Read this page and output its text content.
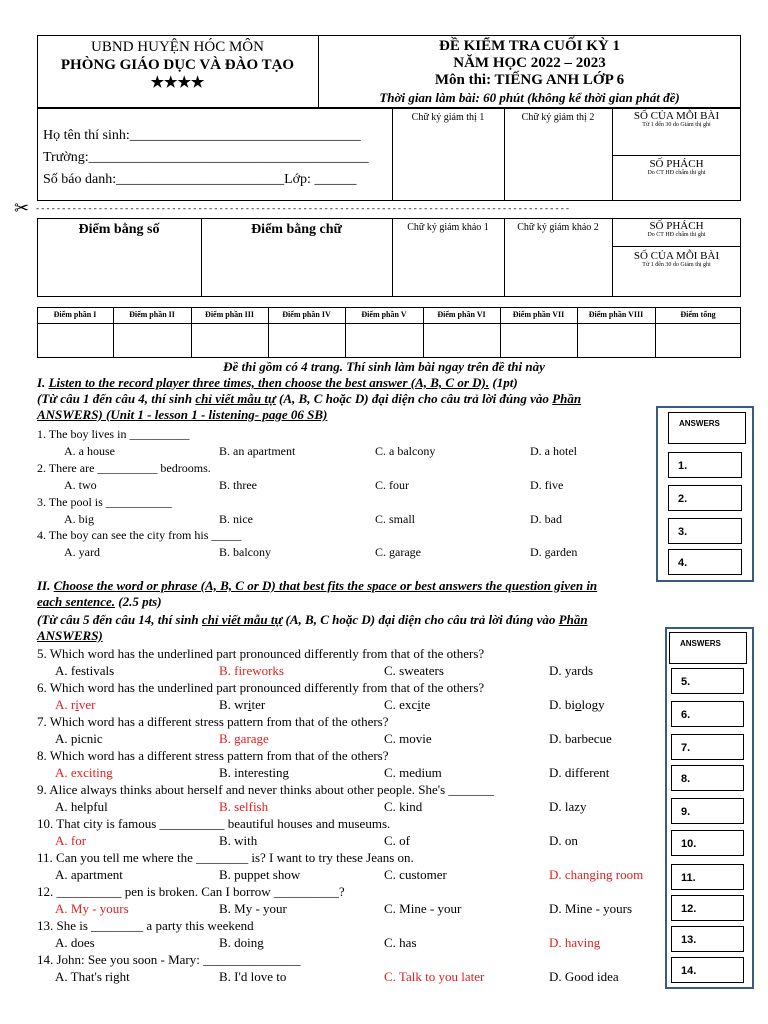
UBND HUYỆN HÓC MÔN
PHÒNG GIÁO DỤC VÀ ĐÀO TẠO
★★★★
ĐỀ KIỂM TRA CUỐI KỲ 1
NĂM HỌC 2022 – 2023
Môn thi: TIẾNG ANH LỚP 6
Thời gian làm bài: 60 phút (không kể thời gian phát đề)
Họ tên thí sinh:_________________________________
Trường:________________________________________
Số báo danh:________________________Lớp: ______
Chữ ký giám thị 1	Chữ ký giám thị 2	SỐ CỦA MỖI BÀI
Từ 1 đến 30 do Giám thị ghi
SỐ PHÁCH
Do CT HĐ chấm thi ghi
✂ - - - - - - - - - - - - - - - - - - - - - - - - - - - - - - - - - - - - - - - - - - - - - - - - - - - - - - - - - - - - - - - - - - - - - - - - - - - - - - - - - - - - - - - - - - - - - - - - - - - - - -
Điểm bằng số	Điểm bằng chữ	Chữ ký giám khảo 1	Chữ ký giám khảo 2	SỐ PHÁCH
Do CT HĐ chấm thi ghi
SỐ CỦA MỖI BÀI
Từ 1 đến 30 do Giám thị ghi
Điểm phần I	Điểm phần II	Điểm phần III	Điểm phần IV	Điểm phần V	Điểm phần VI	Điểm phần VII	Điểm phần VIII	Điểm tổng
Đề thi gồm có 4 trang. Thí sinh làm bài ngay trên đề thi này
I. Listen to the record player three times, then choose the best answer (A, B, C or D). (1pt)
(Từ câu 1 đến câu 4, thí sinh chỉ viết mẫu tự (A, B, C hoặc D) đại diện cho câu trả lời đúng vào Phần
ANSWERS) (Unit 1 - lesson 1 - listening- page 06 SB)
II. Choose the word or phrase (A, B, C or D) that best fits the space or best answers the question given in
each sentence. (2.5 pts)
(Từ câu 5 đến câu 14, thí sinh chỉ viết mẫu tự (A, B, C hoặc D) đại diện cho câu trả lời đúng vào Phần
ANSWERS)
1. The boy lives in __________
A. a house	B. an apartment	C. a balcony	D. a hotel
2. There are __________ bedrooms.
A. two	B. three	C. four	D. five
3. The pool is ___________
A. big	B. nice	C. small	D. bad
4. The boy can see the city from his _____
A. yard	B. balcony	C. garage	D. garden
5. Which word has the underlined part pronounced differently from that of the others?
A. festivals	B. fireworks	C. sweaters	D. yards
6. Which word has the underlined part pronounced differently from that of the others?
A. river	B. writer	C. excite	D. biology
7. Which word has a different stress pattern from that of the others?
A. picnic	B. garage	C. movie	D. barbecue
8. Which word has a different stress pattern from that of the others?
A. exciting	B. interesting	C. medium	D. different
9. Alice always thinks about herself and never thinks about other people. She's _______
A. helpful	B. selfish	C. kind	D. lazy
10. That city is famous __________ beautiful houses and museums.
A. for	B. with	C. of	D. on
11. Can you tell me where the ________ is? I want to try these Jeans on.
A. apartment	B. puppet show	C. customer	D. changing room
12. __________ pen is broken. Can I borrow __________?
A. My - yours	B. My - your	C. Mine - your	D. Mine - yours
13. She is ________ a party this weekend
A. does	B. doing	C. has	D. having
14. John: See you soon - Mary: _______________
A. That's right	B. I'd love to	C. Talk to you later	D. Good idea
ANSWERS
1.
2.
3.
4.
ANSWERS
5.
6.
7.
8.
9.
10.
11.
12.
13.
14.
